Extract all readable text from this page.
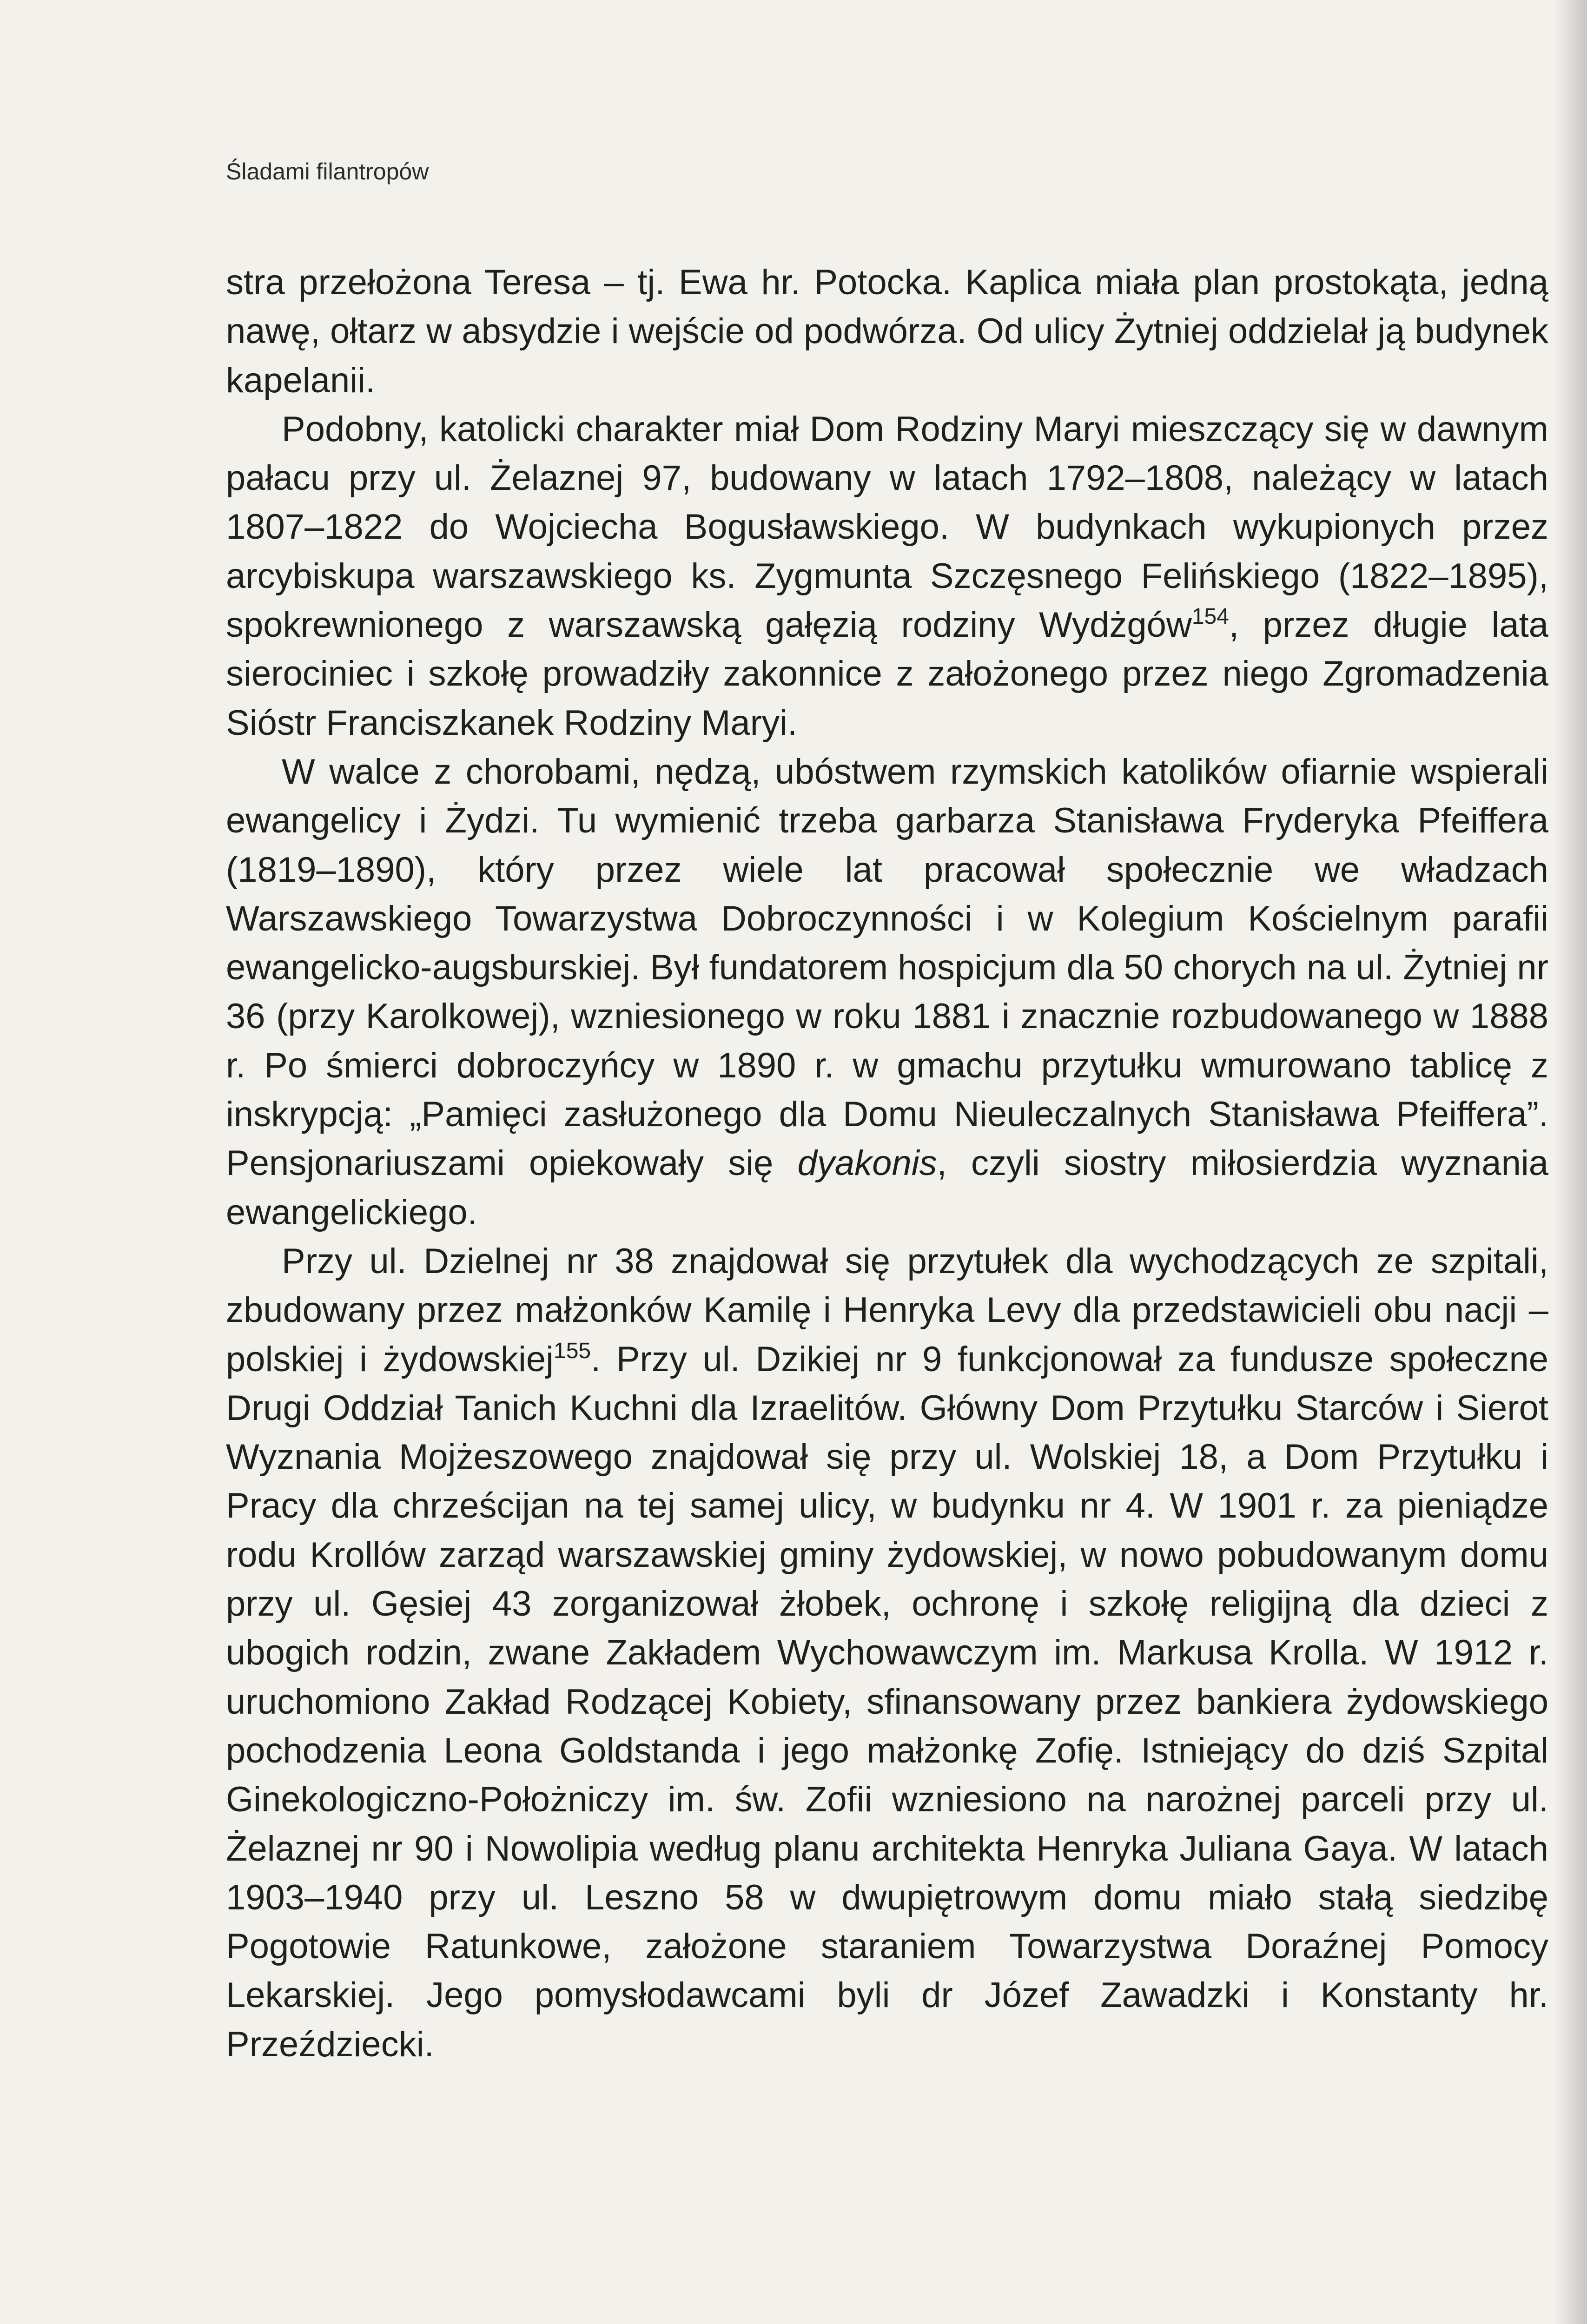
Śladami filantropów

stra przełożona Teresa – tj. Ewa hr. Potocka. Kaplica miała plan prostokąta, jedną nawę, ołtarz w absydzie i wejście od podwórza. Od ulicy Żytniej oddzielał ją budynek kapelanii.

Podobny, katolicki charakter miał Dom Rodziny Maryi mieszczący się w dawnym pałacu przy ul. Żelaznej 97, budowany w latach 1792–1808, należący w latach 1807–1822 do Wojciecha Bogusławskiego. W budynkach wykupionych przez arcybiskupa warszawskiego ks. Zygmunta Szczęsnego Felińskiego (1822–1895), spokrewnionego z warszawską gałęzią rodziny Wydżgów$^{154}$, przez długie lata sierociniec i szkołę prowadziły zakonnice z założonego przez niego Zgromadzenia Sióstr Franciszkanek Rodziny Maryi.

W walce z chorobami, nędzą, ubóstwem rzymskich katolików ofiarnie wspierali ewangelicy i Żydzi. Tu wymienić trzeba garbarza Stanisława Fryderyka Pfeiffera (1819–1890), który przez wiele lat pracował społecznie we władzach Warszawskiego Towarzystwa Dobroczynności i w Kolegium Kościelnym parafii ewangelicko-augsburskiej. Był fundatorem hospicjum dla 50 chorych na ul. Żytniej nr 36 (przy Karolkowej), wzniesionego w roku 1881 i znacznie rozbudowanego w 1888 r. Po śmierci dobroczyńcy w 1890 r. w gmachu przytułku wmurowano tablicę z inskrypcją: „Pamięci zasłużonego dla Domu Nieuleczalnych Stanisława Pfeiffera”. Pensjonariuszami opiekowały się dyakonis, czyli siostry miłosierdzia wyznania ewangelickiego.

Przy ul. Dzielnej nr 38 znajdował się przytułek dla wychodzących ze szpitali, zbudowany przez małżonków Kamilę i Henryka Levy dla przedstawicieli obu nacji – polskiej i żydowskiej$^{155}$. Przy ul. Dzikiej nr 9 funkcjonował za fundusze społeczne Drugi Oddział Tanich Kuchni dla Izraelitów. Główny Dom Przytułku Starców i Sierot Wyznania Mojżeszowego znajdował się przy ul. Wolskiej 18, a Dom Przytułku i Pracy dla chrześcijan na tej samej ulicy, w budynku nr 4. W 1901 r. za pieniądze rodu Krollów zarząd warszawskiej gminy żydowskiej, w nowo pobudowanym domu przy ul. Gęsiej 43 zorganizował żłobek, ochronę i szkołę religijną dla dzieci z ubogich rodzin, zwane Zakładem Wychowawczym im. Markusa Krolla. W 1912 r. uruchomiono Zakład Rodzącej Kobiety, sfinansowany przez bankiera żydowskiego pochodzenia Leona Goldstanda i jego małżonkę Zofię. Istniejący do dziś Szpital Ginekologiczno-Położniczy im. św. Zofii wzniesiono na narożnej parceli przy ul. Żelaznej nr 90 i Nowolipia według planu architekta Henryka Juliana Gaya. W latach 1903–1940 przy ul. Leszno 58 w dwupiętrowym domu miało stałą siedzibę Pogotowie Ratunkowe, założone staraniem Towarzystwa Doraźnej Pomocy Lekarskiej. Jego pomysłodawcami byli dr Józef Zawadzki i Konstanty hr. Przeździecki.
